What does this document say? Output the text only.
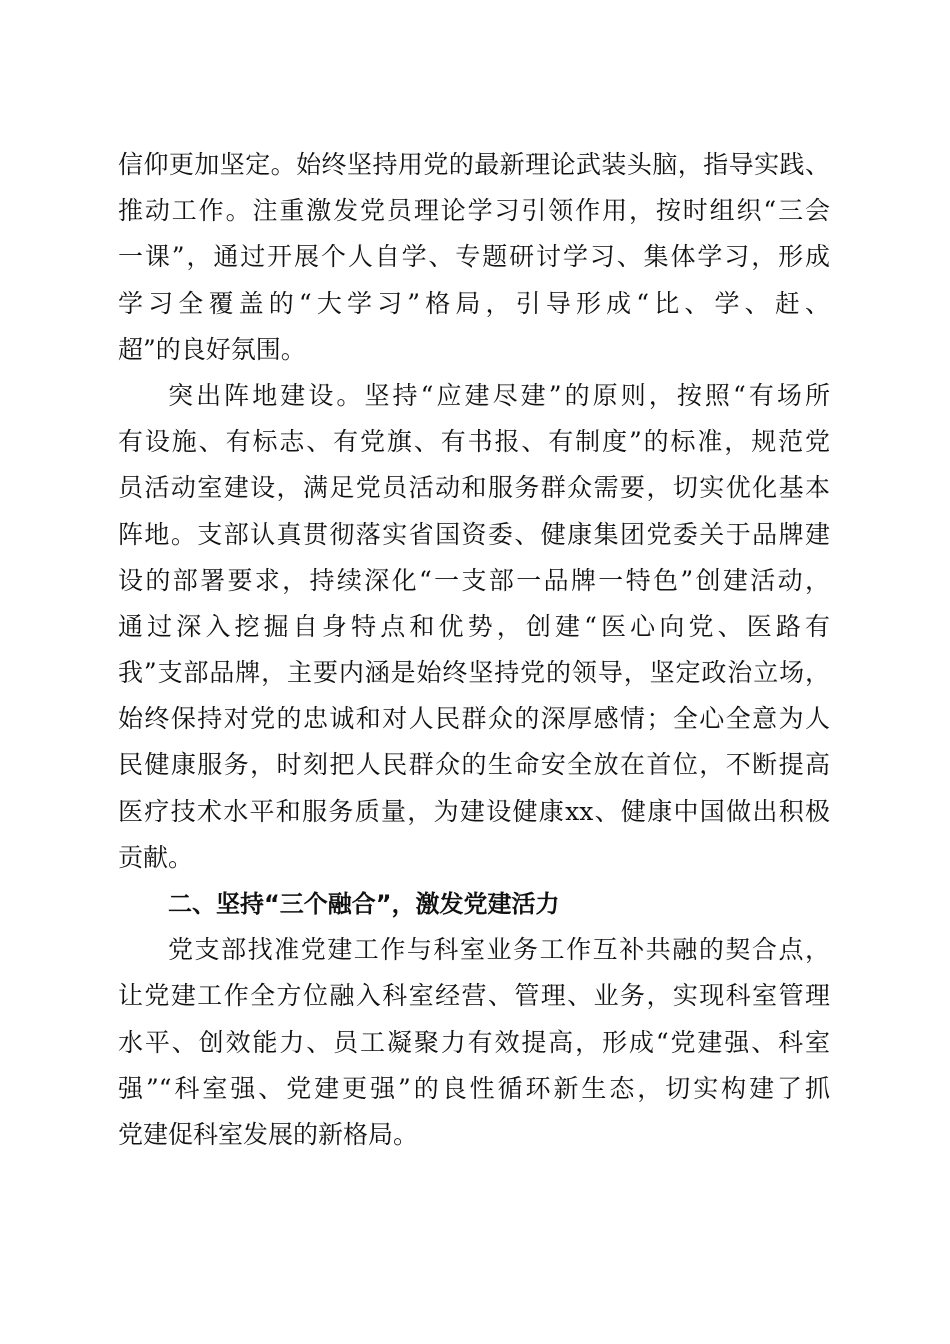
信仰更加坚定。始终坚持用党的最新理论武装头脑，指导实践、
推动工作。注重激发党员理论学习引领作用，按时组织“三会
一课”，通过开展个人自学、专题研讨学习、集体学习，形成
学习全覆盖的“大学习”格局，引导形成“比、学、赶、
超”的良好氛围。
突出阵地建设。坚持“应建尽建”的原则，按照“有场所
有设施、有标志、有党旗、有书报、有制度”的标准，规范党
员活动室建设，满足党员活动和服务群众需要，切实优化基本
阵地。支部认真贯彻落实省国资委、健康集团党委关于品牌建
设的部署要求，持续深化“一支部一品牌一特色”创建活动，
通过深入挖掘自身特点和优势，创建“医心向党、医路有
我”支部品牌，主要内涵是始终坚持党的领导，坚定政治立场，
始终保持对党的忠诚和对人民群众的深厚感情；全心全意为人
民健康服务，时刻把人民群众的生命安全放在首位，不断提高
医疗技术水平和服务质量，为建设健康xx、健康中国做出积极
贡献。
二、坚持“三个融合”，激发党建活力
党支部找准党建工作与科室业务工作互补共融的契合点，
让党建工作全方位融入科室经营、管理、业务，实现科室管理
水平、创效能力、员工凝聚力有效提高，形成“党建强、科室
强”“科室强、党建更强”的良性循环新生态，切实构建了抓
党建促科室发展的新格局。
